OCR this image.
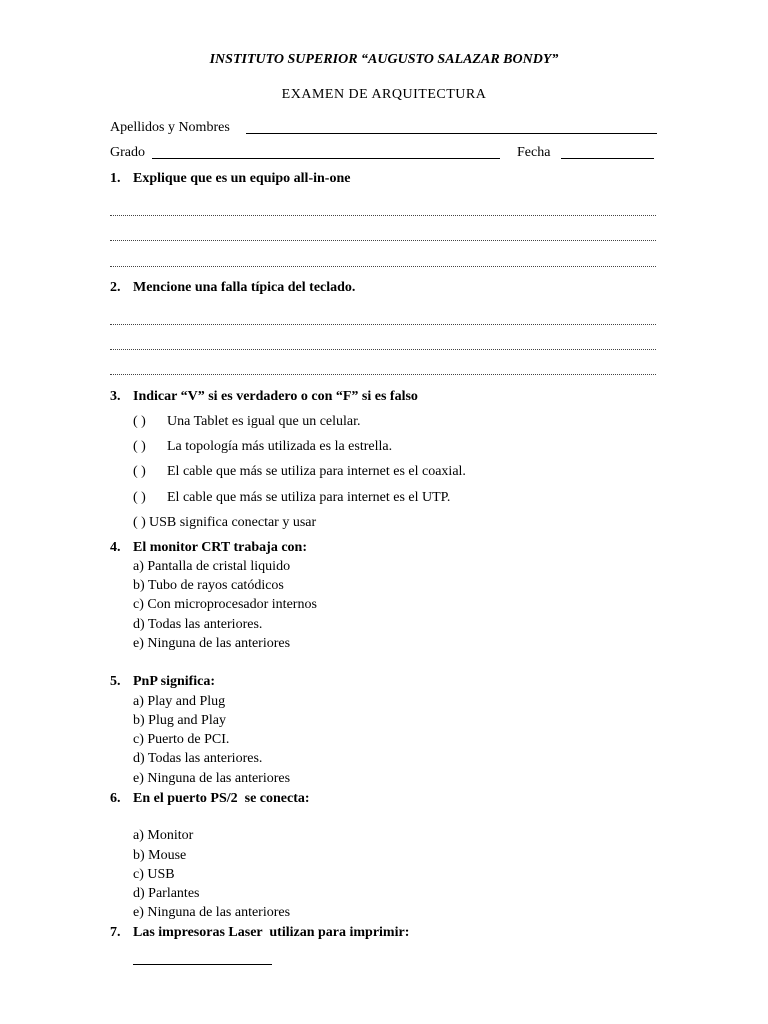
INSTITUTO SUPERIOR “AUGUSTO SALAZAR BONDY”
EXAMEN DE ARQUITECTURA
Apellidos y Nombres
Grado	Fecha
1. Explique que es un equipo all-in-one
2. Mencione una falla típica del teclado.
3. Indicar “V” si es verdadero o con “F” si es falso
( ) Una Tablet es igual que un celular.
( ) La topología más utilizada es la estrella.
( ) El cable que más se utiliza para internet es el coaxial.
( ) El cable que más se utiliza para internet es el UTP.
( ) USB significa conectar y usar
4. El monitor CRT trabaja con:
a) Pantalla de cristal liquido
b) Tubo de rayos catódicos
c) Con microprocesador internos
d) Todas las anteriores.
e) Ninguna de las anteriores
5. PnP significa:
a) Play and Plug
b) Plug and Play
c) Puerto de PCI.
d) Todas las anteriores.
e) Ninguna de las anteriores
6. En el puerto PS/2  se conecta:
a) Monitor
b) Mouse
c) USB
d) Parlantes
e) Ninguna de las anteriores
7. Las impresoras Laser  utilizan para imprimir:
